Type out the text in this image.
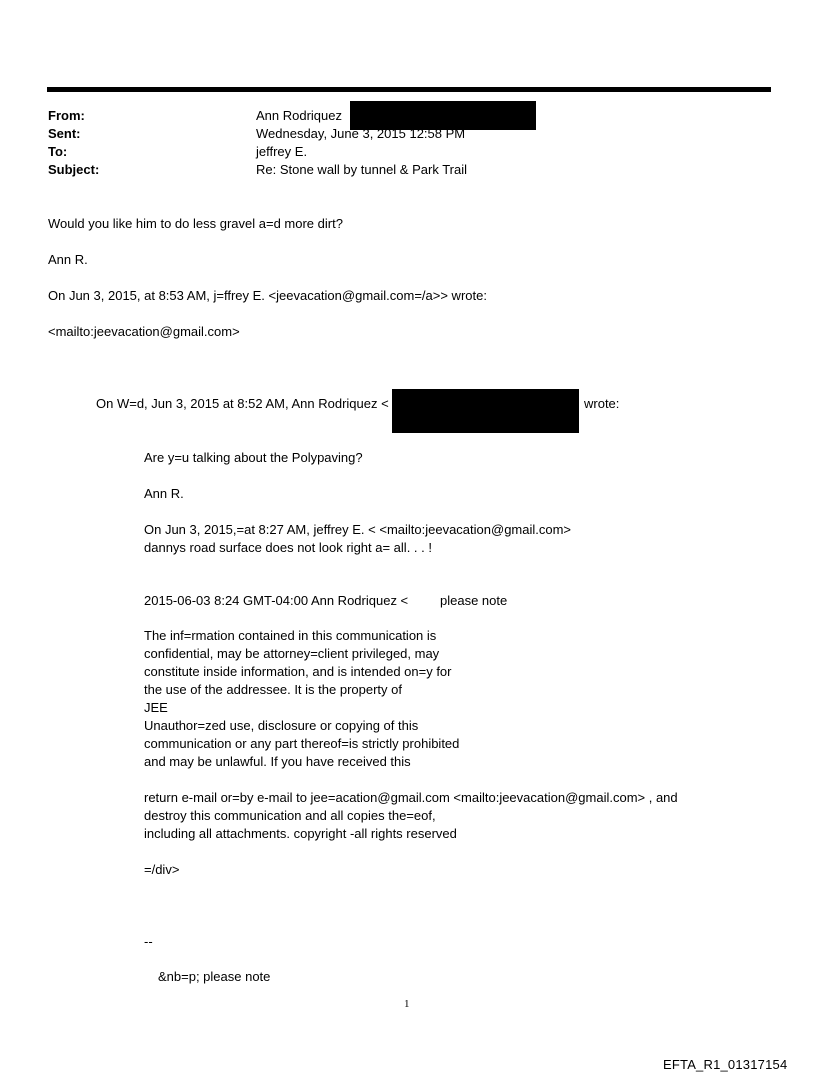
From:	Ann Rodriquez
Sent:	Wednesday, June 3, 2015 12:58 PM
To:	jeffrey E.
Subject:	Re: Stone wall by tunnel & Park Trail
Would you like him to do less gravel a=d more dirt?
Ann R.
On Jun 3, 2015, at 8:53 AM, j=ffrey E. <jeevacation@gmail.com=/a>> wrote:
<mailto:jeevacation@gmail.com>
On W=d, Jun 3, 2015 at 8:52 AM, Ann Rodriquez <	wrote:
Are y=u talking about the Polypaving?
Ann R.
On Jun 3, 2015,=at 8:27 AM, jeffrey E. < <mailto:jeevacation@gmail.com>
dannys road surface does not look right a= all. . . !
2015-06-03 8:24 GMT-04:00 Ann Rodriquez < please note
The inf=rmation contained in this communication is
confidential, may be attorney=client privileged, may
constitute inside information, and is intended on=y for
the use of the addressee. It is the property of
JEE
Unauthor=zed use, disclosure or copying of this
communication or any part thereof=is strictly prohibited
and may be unlawful. If you have received this
return e-mail or=by e-mail to jee=acation@gmail.com <mailto:jeevacation@gmail.com> , and
destroy this communication and all copies the=eof,
including all attachments. copyright -all rights reserved
=/div>
--
&nb=p; please note
1
EFTA_R1_01317154
